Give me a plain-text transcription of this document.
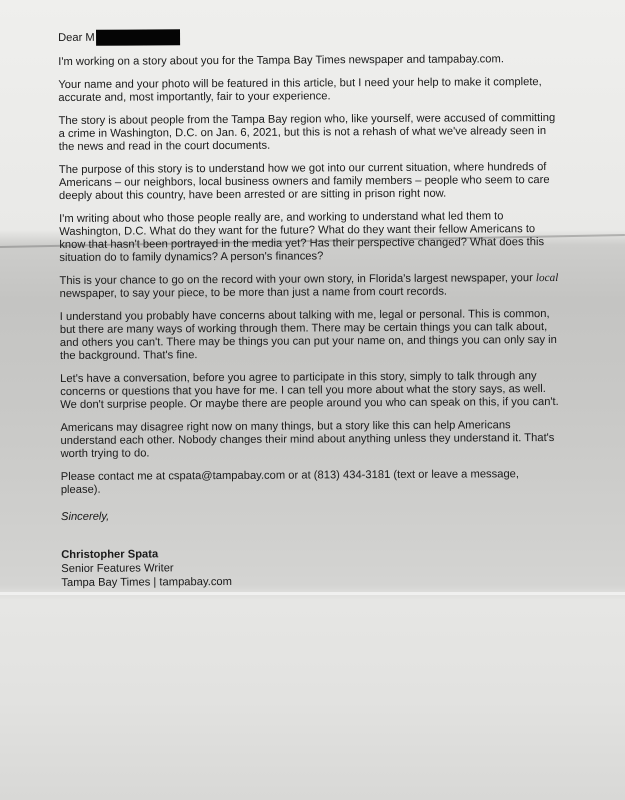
Dear M

I'm working on a story about you for the Tampa Bay Times newspaper and tampabay.com.

Your name and your photo will be featured in this article, but I need your help to make it complete, accurate and, most importantly, fair to your experience.

The story is about people from the Tampa Bay region who, like yourself, were accused of committing a crime in Washington, D.C. on Jan. 6, 2021, but this is not a rehash of what we've already seen in the news and read in the court documents.

The purpose of this story is to understand how we got into our current situation, where hundreds of Americans – our neighbors, local business owners and family members – people who seem to care deeply about this country, have been arrested or are sitting in prison right now.

I'm writing about who those people really are, and working to understand what led them to Washington, D.C. What do they want for the future? What do they want their fellow Americans to know that hasn't been portrayed in the media yet? Has their perspective changed? What does this situation do to family dynamics? A person's finances?

This is your chance to go on the record with your own story, in Florida's largest newspaper, your local newspaper, to say your piece, to be more than just a name from court records.

I understand you probably have concerns about talking with me, legal or personal. This is common, but there are many ways of working through them. There may be certain things you can talk about, and others you can't. There may be things you can put your name on, and things you can only say in the background. That's fine.

Let's have a conversation, before you agree to participate in this story, simply to talk through any concerns or questions that you have for me. I can tell you more about what the story says, as well. We don't surprise people. Or maybe there are people around you who can speak on this, if you can't.

Americans may disagree right now on many things, but a story like this can help Americans understand each other. Nobody changes their mind about anything unless they understand it. That's worth trying to do.

Please contact me at cspata@tampabay.com or at (813) 434-3181 (text or leave a message, please).

Sincerely,
Christopher Spata
Senior Features Writer
Tampa Bay Times | tampabay.com
